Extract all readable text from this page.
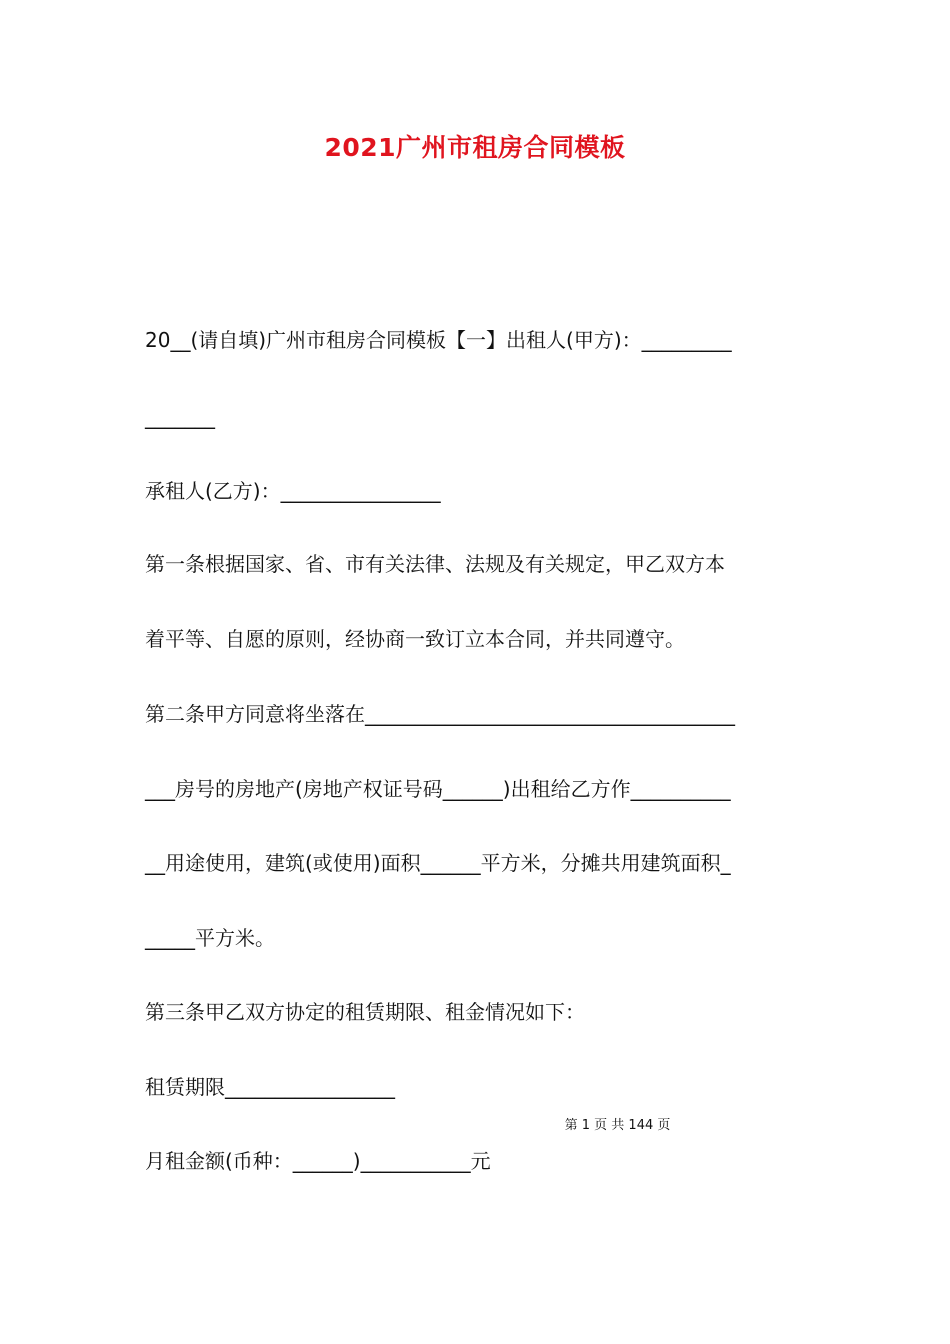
2021广州市租房合同模板
20__(请自填)广州市租房合同模板【一】出租人(甲方)：_________
_______
承租人(乙方)：________________
第一条根据国家、省、市有关法律、法规及有关规定，甲乙双方本
着平等、自愿的原则，经协商一致订立本合同，并共同遵守。
第二条甲方同意将坐落在_____________________________________
___房号的房地产(房地产权证号码______)出租给乙方作__________
__用途使用，建筑(或使用)面积______平方米，分摊共用建筑面积_
_____平方米。
第三条甲乙双方协定的租赁期限、租金情况如下：
租赁期限_________________
第 1 页 共 144 页
月租金额(币种：______)___________元
